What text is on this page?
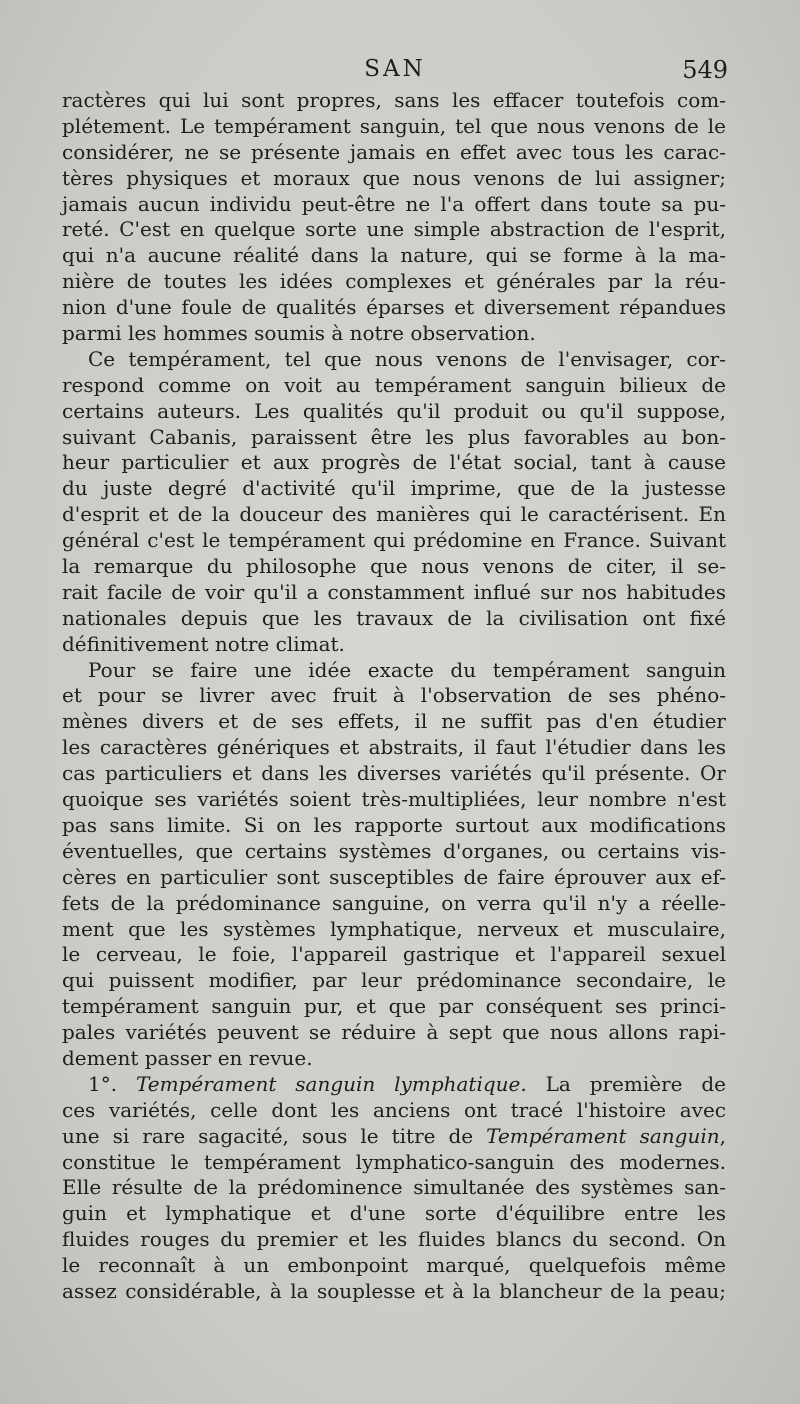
SAN	549
ractères qui lui sont propres, sans les effacer toutefois com-
plétement. Le tempérament sanguin, tel que nous venons de le
considérer, ne se présente jamais en effet avec tous les carac-
tères physiques et moraux que nous venons de lui assigner;
jamais aucun individu peut-être ne l'a offert dans toute sa pu-
reté. C'est en quelque sorte une simple abstraction de l'esprit,
qui n'a aucune réalité dans la nature, qui se forme à la ma-
nière de toutes les idées complexes et générales par la réu-
nion d'une foule de qualités éparses et diversement répandues
parmi les hommes soumis à notre observation.
Ce tempérament, tel que nous venons de l'envisager, cor-
respond comme on voit au tempérament sanguin bilieux de
certains auteurs. Les qualités qu'il produit ou qu'il suppose,
suivant Cabanis, paraissent être les plus favorables au bon-
heur particulier et aux progrès de l'état social, tant à cause
du juste degré d'activité qu'il imprime, que de la justesse
d'esprit et de la douceur des manières qui le caractérisent. En
général c'est le tempérament qui prédomine en France. Suivant
la remarque du philosophe que nous venons de citer, il se-
rait facile de voir qu'il a constamment influé sur nos habitudes
nationales depuis que les travaux de la civilisation ont fixé
définitivement notre climat.
Pour se faire une idée exacte du tempérament sanguin
et pour se livrer avec fruit à l'observation de ses phéno-
mènes divers et de ses effets, il ne suffit pas d'en étudier
les caractères génériques et abstraits, il faut l'étudier dans les
cas particuliers et dans les diverses variétés qu'il présente. Or
quoique ses variétés soient très-multipliées, leur nombre n'est
pas sans limite. Si on les rapporte surtout aux modifications
éventuelles, que certains systèmes d'organes, ou certains vis-
cères en particulier sont susceptibles de faire éprouver aux ef-
fets de la prédominance sanguine, on verra qu'il n'y a réelle-
ment que les systèmes lymphatique, nerveux et musculaire,
le cerveau, le foie, l'appareil gastrique et l'appareil sexuel
qui puissent modifier, par leur prédominance secondaire, le
tempérament sanguin pur, et que par conséquent ses princi-
pales variétés peuvent se réduire à sept que nous allons rapi-
dement passer en revue.
1°. Tempérament sanguin lymphatique. La première de
ces variétés, celle dont les anciens ont tracé l'histoire avec
une si rare sagacité, sous le titre de Tempérament sanguin,
constitue le tempérament lymphatico-sanguin des modernes.
Elle résulte de la prédominence simultanée des systèmes san-
guin et lymphatique et d'une sorte d'équilibre entre les
fluides rouges du premier et les fluides blancs du second. On
le reconnaît à un embonpoint marqué, quelquefois même
assez considérable, à la souplesse et à la blancheur de la peau;
